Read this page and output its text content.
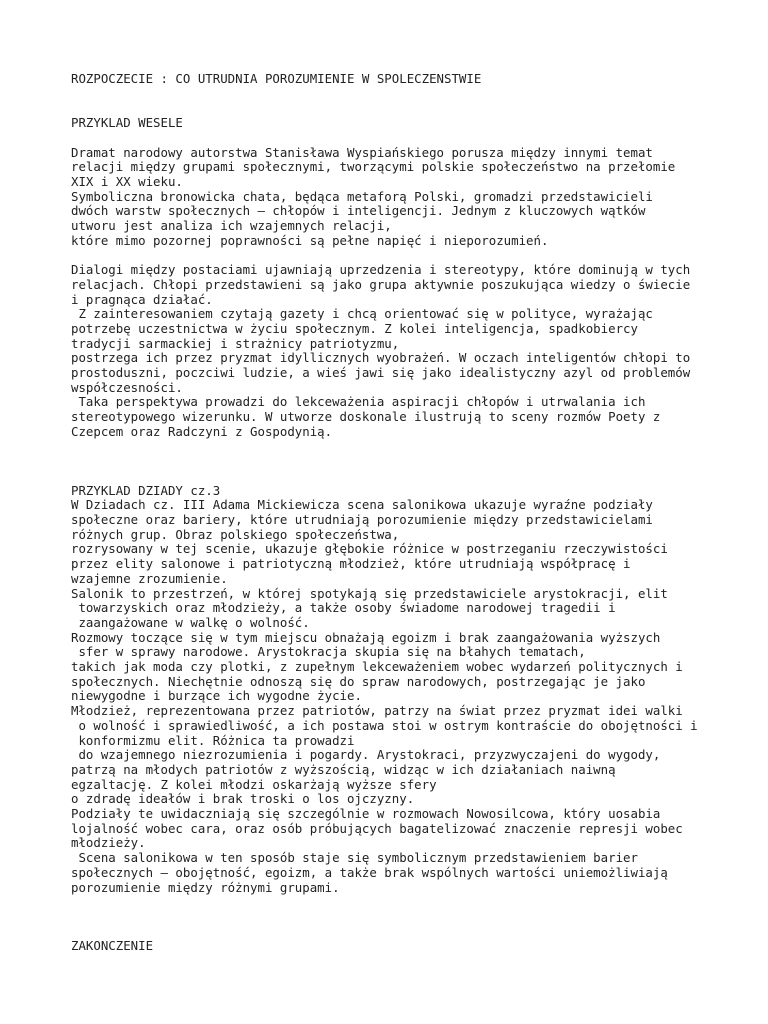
ROZPOCZECIE : CO UTRUDNIA POROZUMIENIE W SPOLECZENSTWIE
PRZYKLAD WESELE
Dramat narodowy autorstwa Stanisława Wyspiańskiego porusza między innymi temat
relacji między grupami społecznymi, tworzącymi polskie społeczeństwo na przełomie
XIX i XX wieku.
Symboliczna bronowicka chata, będąca metaforą Polski, gromadzi przedstawicieli
dwóch warstw społecznych – chłopów i inteligencji. Jednym z kluczowych wątków
utworu jest analiza ich wzajemnych relacji,
które mimo pozornej poprawności są pełne napięć i nieporozumień.
Dialogi między postaciami ujawniają uprzedzenia i stereotypy, które dominują w tych
relacjach. Chłopi przedstawieni są jako grupa aktywnie poszukująca wiedzy o świecie
i pragnąca działać.
Z zainteresowaniem czytają gazety i chcą orientować się w polityce, wyrażając
potrzebę uczestnictwa w życiu społecznym. Z kolei inteligencja, spadkobiercy
tradycji sarmackiej i strażnicy patriotyzmu,
postrzega ich przez pryzmat idyllicznych wyobrażeń. W oczach inteligentów chłopi to
prostoduszni, poczciwi ludzie, a wieś jawi się jako idealistyczny azyl od problemów
współczesności.
Taka perspektywa prowadzi do lekceważenia aspiracji chłopów i utrwalania ich
stereotypowego wizerunku. W utworze doskonale ilustrują to sceny rozmów Poety z
Czepcem oraz Radczyni z Gospodynią.
PRZYKLAD DZIADY cz.3
W Dziadach cz. III Adama Mickiewicza scena salonikowa ukazuje wyraźne podziały
społeczne oraz bariery, które utrudniają porozumienie między przedstawicielami
różnych grup. Obraz polskiego społeczeństwa,
rozrysowany w tej scenie, ukazuje głębokie różnice w postrzeganiu rzeczywistości
przez elity salonowe i patriotyczną młodzież, które utrudniają współpracę i
wzajemne zrozumienie.
Salonik to przestrzeń, w której spotykają się przedstawiciele arystokracji, elit
towarzyskich oraz młodzieży, a także osoby świadome narodowej tragedii i
zaangażowane w walkę o wolność.
Rozmowy toczące się w tym miejscu obnażają egoizm i brak zaangażowania wyższych
sfer w sprawy narodowe. Arystokracja skupia się na błahych tematach,
takich jak moda czy plotki, z zupełnym lekceważeniem wobec wydarzeń politycznych i
społecznych. Niechętnie odnoszą się do spraw narodowych, postrzegając je jako
niewygodne i burzące ich wygodne życie.
Młodzież, reprezentowana przez patriotów, patrzy na świat przez pryzmat idei walki
o wolność i sprawiedliwość, a ich postawa stoi w ostrym kontraście do obojętności i
konformizmu elit. Różnica ta prowadzi
do wzajemnego niezrozumienia i pogardy. Arystokraci, przyzwyczajeni do wygody,
patrzą na młodych patriotów z wyższością, widząc w ich działaniach naiwną
egzaltację. Z kolei młodzi oskarżają wyższe sfery
o zdradę ideałów i brak troski o los ojczyzny.
Podziały te uwidaczniają się szczególnie w rozmowach Nowosilcowa, który uosabia
lojalność wobec cara, oraz osób próbujących bagatelizować znaczenie represji wobec
młodzieży.
Scena salonikowa w ten sposób staje się symbolicznym przedstawieniem barier
społecznych – obojętność, egoizm, a także brak wspólnych wartości uniemożliwiają
porozumienie między różnymi grupami.
ZAKONCZENIE
